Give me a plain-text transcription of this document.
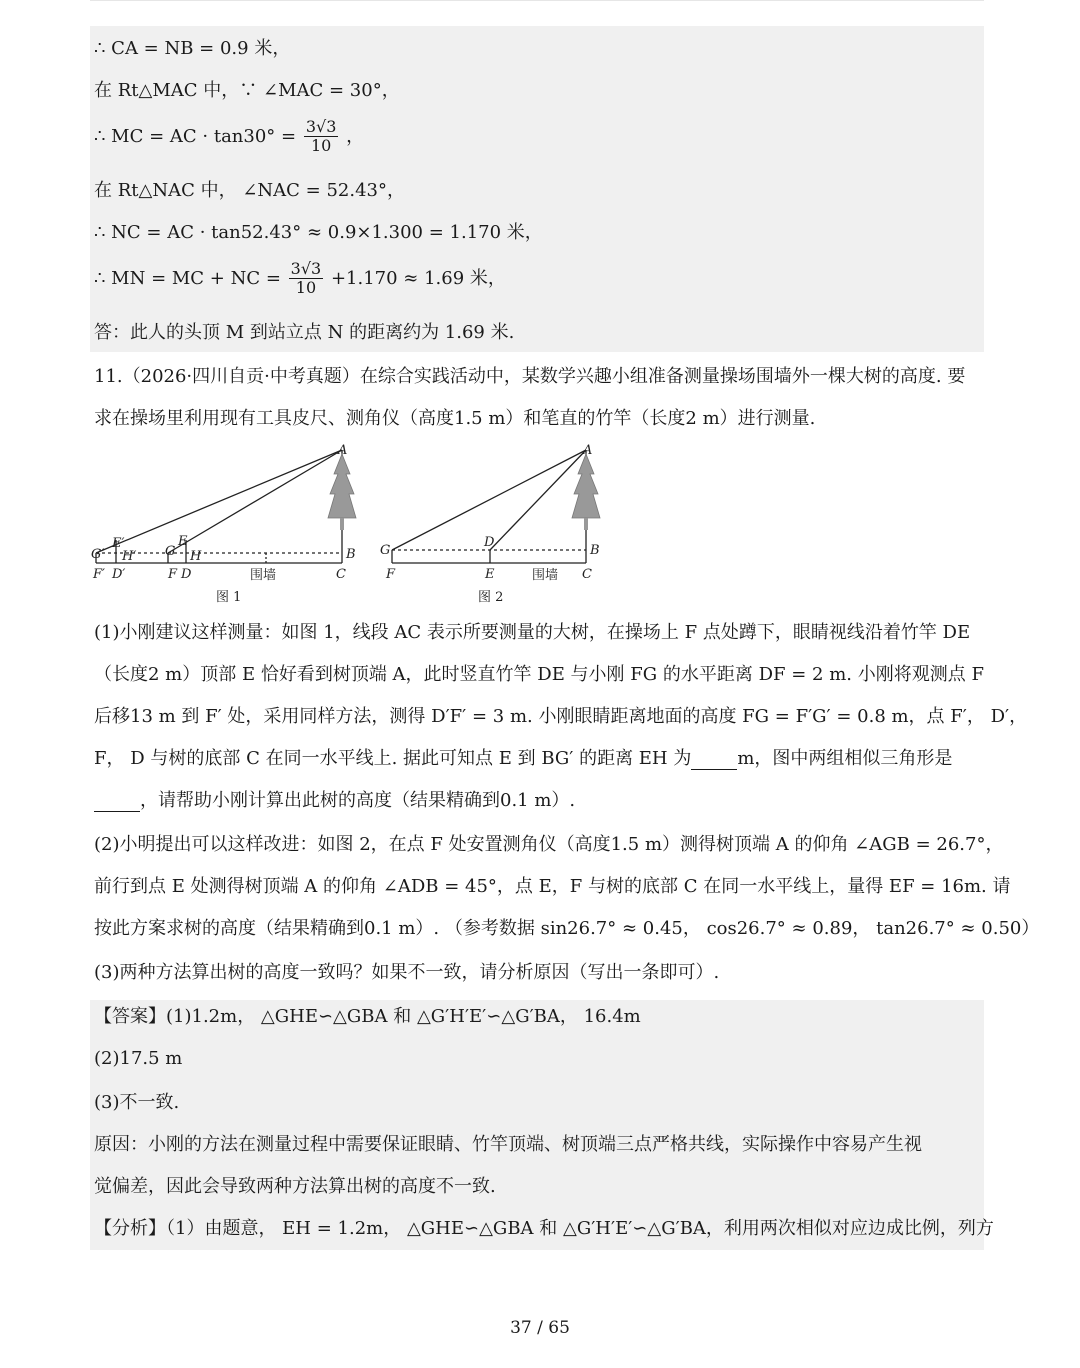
∴ CA = NB = 0.9 米，
在 Rt△MAC 中，∵ ∠MAC = 30°，
∴ MC = AC · $\tan 30^\circ = \frac{3√3}{10}$ ，
在 Rt△NAC 中， ∠NAC = 52.43°，
∴ NC = AC · tan52.43° ≈ 0.9×1.300 = 1.170 米，
∴ MN = MC + NC = $\frac{3√3}{10} +1.170 \approx 1.69$ 米，
答：此人的头顶 M 到站立点 N 的距离约为 1.69 米.
11.（2026·四川自贡·中考真题）在综合实践活动中，某数学兴趣小组准备测量操场围墙外一棵大树的高度. 要
求在操场里利用现有工具皮尺、测角仪（高度1.5 m）和笔直的竹竿（长度2 m）进行测量.
A
B
C
G′
E′
H′
F′ D′
G
E
H
F D	围墙
图 1
A
B
C
G
D
F	E	围墙
图 2
(1)小刚建议这样测量：如图 1，线段 AC 表示所要测量的大树，在操场上 F 点处蹲下，眼睛视线沿着竹竿 DE
（长度2 m）顶部 E 恰好看到树顶端 A，此时竖直竹竿 DE 与小刚 FG 的水平距离 DF = 2 m. 小刚将观测点 F
后移13 m 到 F′ 处，采用同样方法，测得 D′F′ = 3 m. 小刚眼睛距离地面的高度 FG = F′G′ = 0.8 m，点 F′， D′，
F， D 与树的底部 C 在同一水平线上. 据此可知点 E 到 BG′ 的距离 EH 为	m，图中两组相似三角形是
，请帮助小刚计算出此树的高度（结果精确到0.1 m）.
(2)小明提出可以这样改进：如图 2，在点 F 处安置测角仪（高度1.5 m）测得树顶端 A 的仰角 ∠AGB = 26.7°，
前行到点 E 处测得树顶端 A 的仰角 ∠ADB = 45°，点 E，F 与树的底部 C 在同一水平线上，量得 EF = 16m. 请
按此方案求树的高度（结果精确到0.1 m）. （参考数据 sin26.7° ≈ 0.45， cos26.7° ≈ 0.89， tan26.7° ≈ 0.50）
(3)两种方法算出树的高度一致吗？如果不一致，请分析原因（写出一条即可）.
【答案】(1)1.2m， △GHE∽△GBA 和 △G′H′E′∽△G′BA， 16.4m
(2)17.5 m
(3)不一致.
原因：小刚的方法在测量过程中需要保证眼睛、竹竿顶端、树顶端三点严格共线，实际操作中容易产生视
觉偏差，因此会导致两种方法算出树的高度不一致.
【分析】（1）由题意， EH = 1.2m， △GHE∽△GBA 和 △G′H′E′∽△G′BA，利用两次相似对应边成比例，列方
37 / 65
